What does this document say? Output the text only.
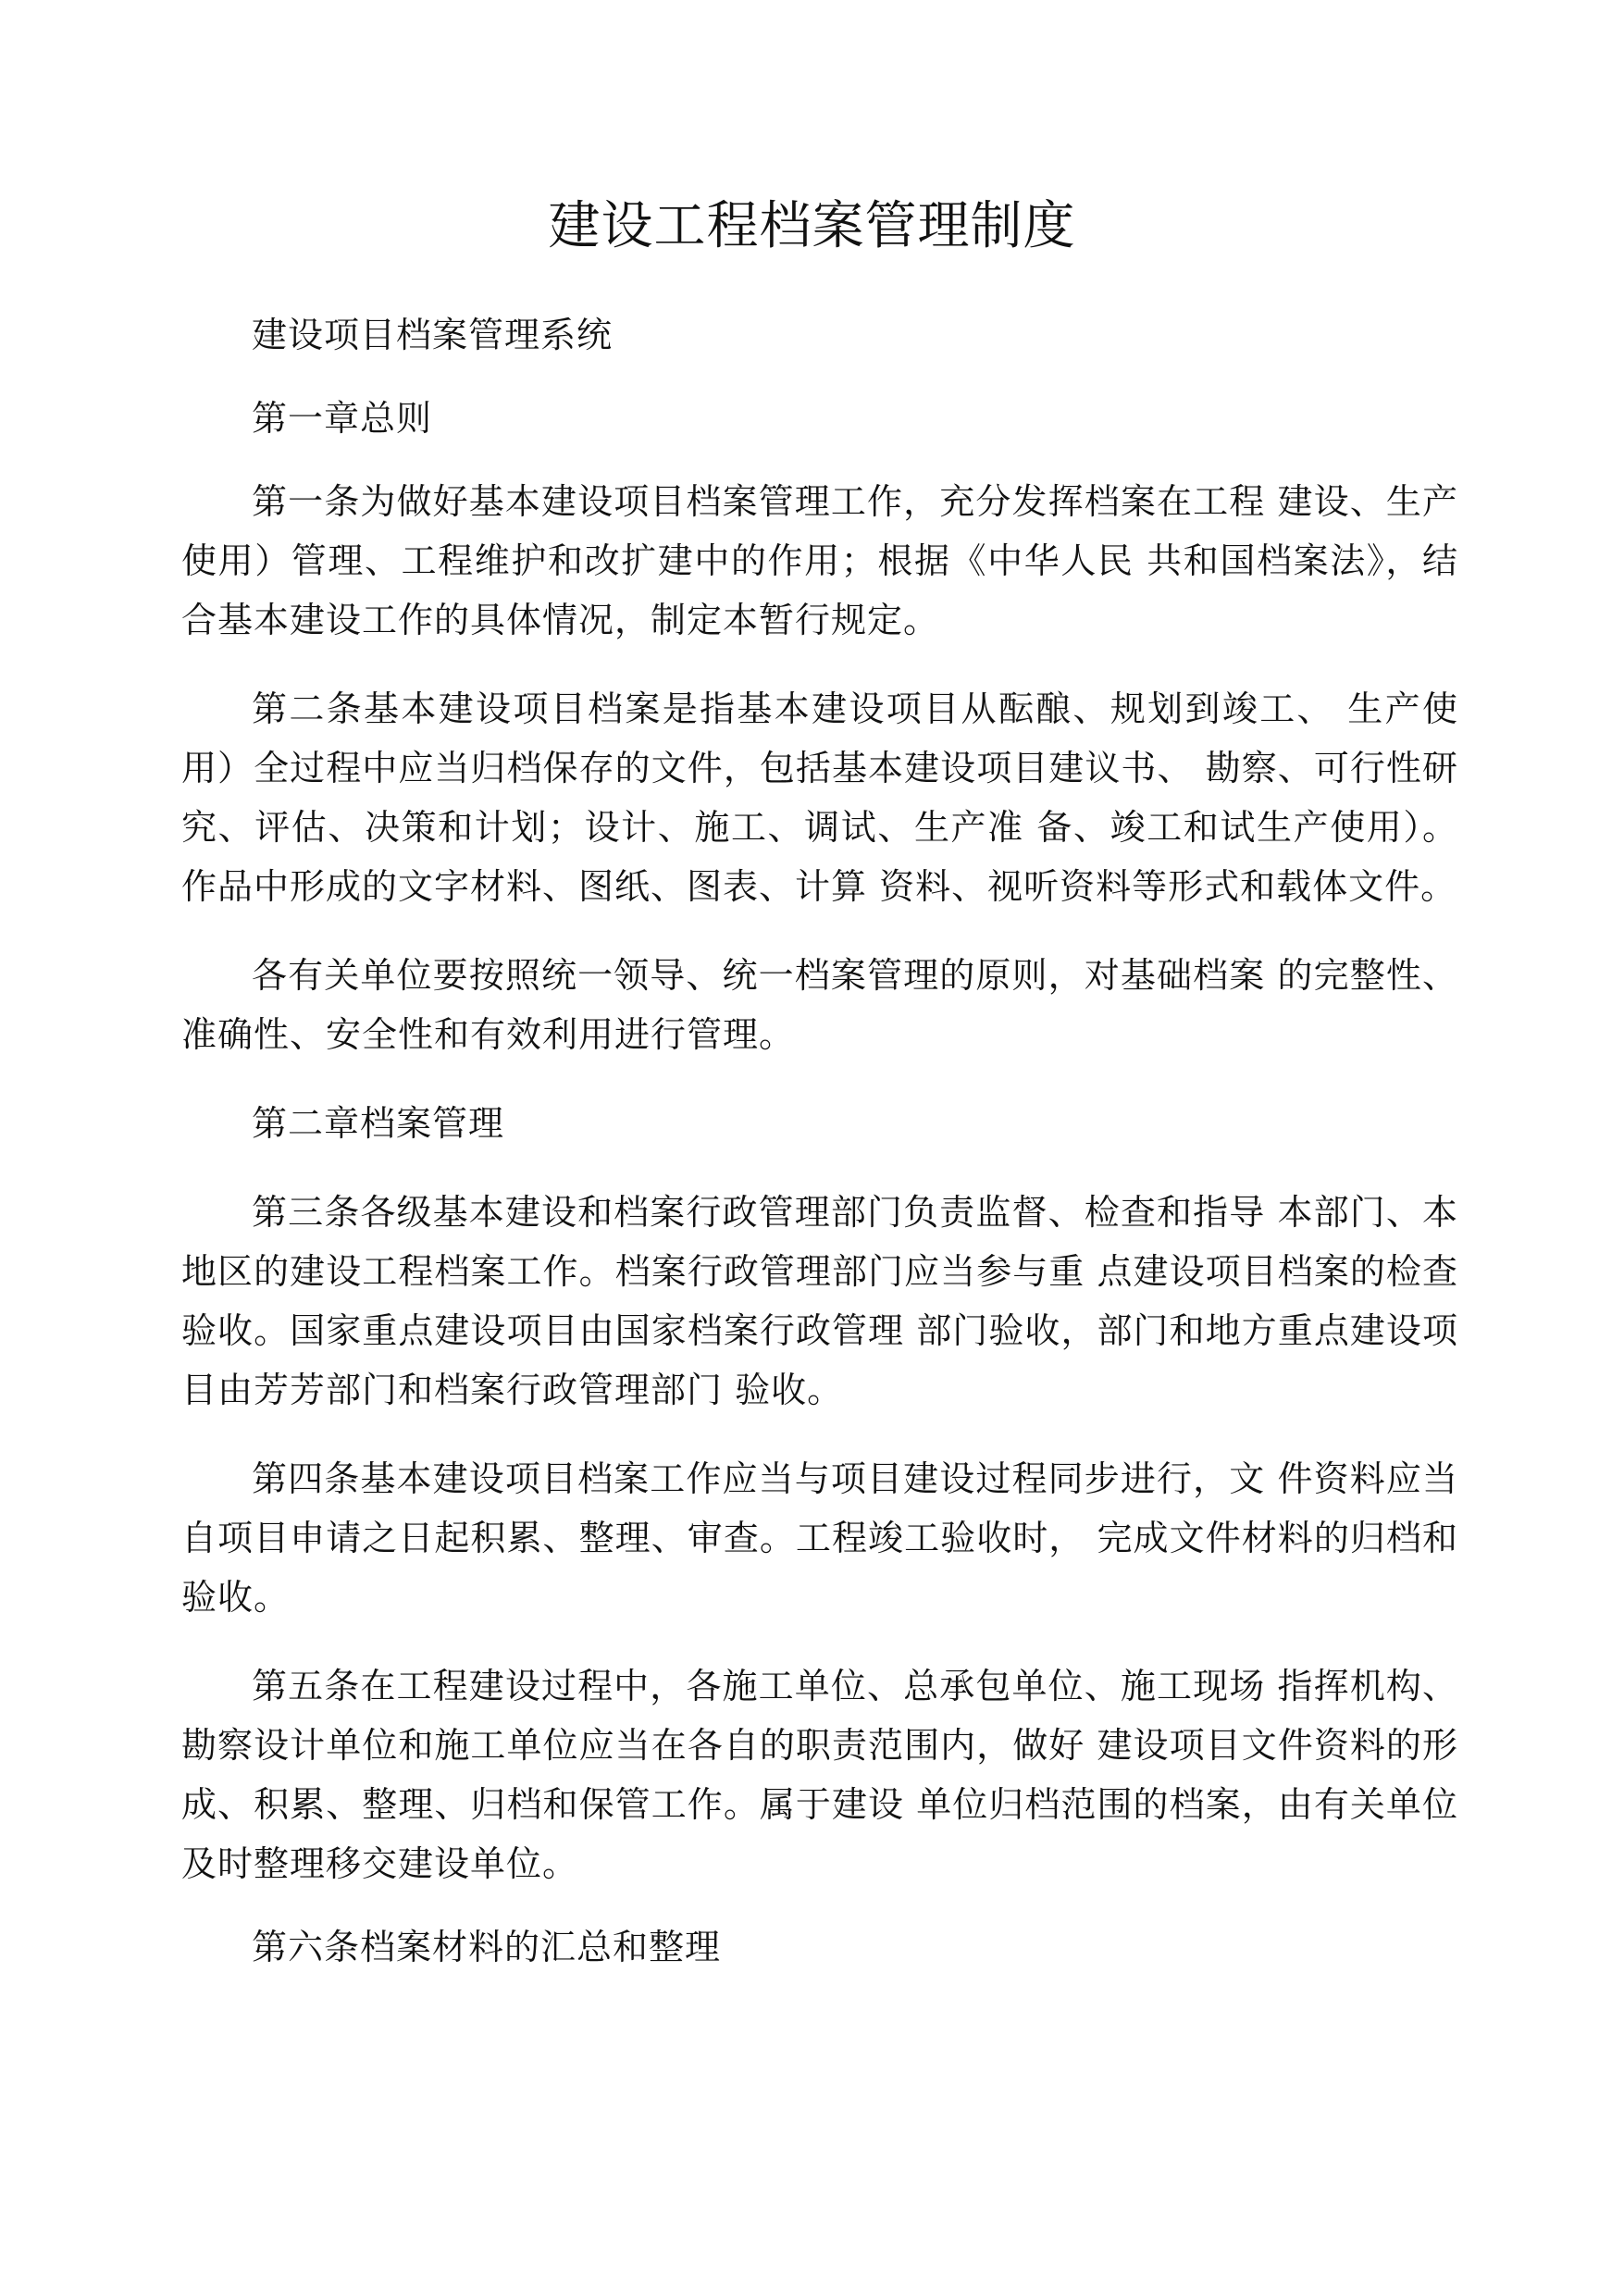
建设工程档案管理制度

建设项目档案管理系统

第一章总则

第一条为做好基本建设项目档案管理工作，充分发挥档案在工程 建设、生产使用）管理、工程维护和改扩建中的作用；根据《中华人民 共和国档案法》，结合基本建设工作的具体情况，制定本暂行规定。

第二条基本建设项目档案是指基本建设项目从酝酿、规划到竣工、 生产使用）全过程中应当归档保存的文件，包括基本建设项目建议书、 勘察、可行性研究、评估、决策和计划；设计、施工、调试、生产准 备、竣工和试生产使用）。作品中形成的文字材料、图纸、图表、计算 资料、视听资料等形式和载体文件。

各有关单位要按照统一领导、统一档案管理的原则，对基础档案 的完整性、准确性、安全性和有效利用进行管理。

第二章档案管理

第三条各级基本建设和档案行政管理部门负责监督、检查和指导 本部门、本地区的建设工程档案工作。档案行政管理部门应当参与重 点建设项目档案的检查验收。国家重点建设项目由国家档案行政管理 部门验收，部门和地方重点建设项目由芳芳部门和档案行政管理部门 验收。

第四条基本建设项目档案工作应当与项目建设过程同步进行，文 件资料应当自项目申请之日起积累、整理、审查。工程竣工验收时， 完成文件材料的归档和验收。

第五条在工程建设过程中，各施工单位、总承包单位、施工现场 指挥机构、勘察设计单位和施工单位应当在各自的职责范围内，做好 建设项目文件资料的形成、积累、整理、归档和保管工作。属于建设 单位归档范围的档案，由有关单位及时整理移交建设单位。

第六条档案材料的汇总和整理
